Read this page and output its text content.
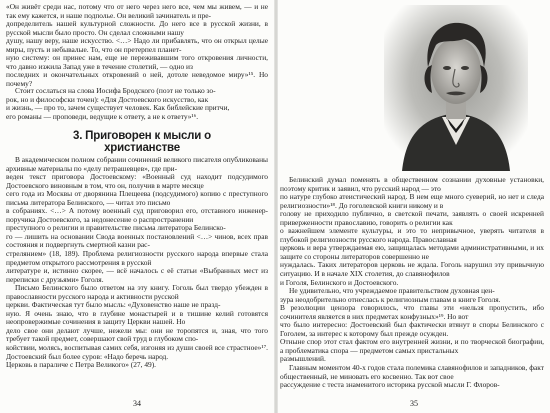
«Он живёт среди нас, потому что от него через него все, чем мы живем, — и не так ему кажется, и наше подполье. Он великий зачинатель и пре-

допределитель нашей культурной сложности. До него все в русской жизни, в русской мысли было просто. Он сделал сложными нашу

душу, нашу веру, наше искусство. <…> Надо ли прибавлять, что он открыл целые миры, пусть и небывалые. То, что он претерпел планет-

ную систему: он принес нам, еще не переживавшим того откровения личности, что давно изжила Запад уже в течение столетий, — одно из

последних и окончательных откровений о ней, дотоле неведомое миру»¹⁵. Но почему?

Стоит сослаться на слова Иосифа Бродского (поэт не только зо-

рок, но и философски точен): «Для Достоевского искусство, как

и жизнь, — про то, зачем существует человек. Как библейские притчи,

его романы — проповеди, ведущие к ответу, а не к ответу»¹⁶.

3. Приговорен к мысли о христианстве

В академическом полном собрании сочинений великого писателя опубликованы архивные материалы по «делу петрашевцев», где при-

веден текст приговора Достоевскому: «Военный суд находит подсудимого Достоевского виновным в том, что он, получив в марте месяце

сего года из Москвы от дворянина Плещеева (подсудимого) копию с преступного письма литератора Белинского, — читал это письмо

в собраниях. <…> А потому военный суд приговорил его, отставного инженер-поручика Достоевского, за недонесение о распространении

преступного о религии и правительстве письма литератора Белинско-

го — лишить на основании Свода военных постановлений <…> чинов, всех прав состояния и подвергнуть смертной казни рас-

стрелянием» (18, 189). Проблема религиозности русского народа впервые стала предметом открытого рассмотрения в русской

литературе и, истинно скорее, — всё началось с её статьи «Выбранных мест из переписки с друзьями» Гоголя.

Письмо Белинского было ответом на эту книгу. Гоголь был твердо убежден в православности русского народа и активности русской

церкви. Фактическая тут было мысль: «Духовенство наше не празд-

ную. Я очень знаю, что в глубине монастырей и в тишине келий готовятся неопровержимые сочинения в защиту Церкви нашей. Но

дело свое они делают лучше, нежели мы: они не торопятся и, зная, что того требует такой предмет, совершают свой труд в глубоком спо-

койствии, молясь, воспитывая самих себя, изгоняя из души своей все страстное»¹⁷. Достоевский был более суров: «Надо беречь народ.

Церковь в параличе с Петра Великого» (27, 49).

34

Белинский думал поменять в общественном сознании духовные установки, поэтому критик и заявил, что русский народ — это

по натуре глубоко атеистический народ. В нем еще много суеверий, но нет и следа религиозности»¹⁸. До гоголевской книги никому и в

голову не приходило публично, в светской печати, заявлять о своей искренней приверженности православию, говорить о религии как

о важнейшем элементе культуры, и это то непривычное, уверять читателя в глубокой религиозности русского народа. Православная

церковь и вера утверждаемая ею, защищалась методами административными, и их защите со стороны литераторов совершенно не

нуждалась. Таких литераторов церковь не ждала. Гоголь нарушил эту привычную ситуацию. И в начале XIX столетия, до славянофилов

и Гоголя, Белинского и Достоевского.

Не удивительно, что учреждаемое правительством духовная цен-

зура неодобрительно отнеслась к религиозным главам в книге Гоголя.

В резолюции цензора говорилось, что главы эти «нельзя пропустить, ибо сочинителя является в них предметах конфузных»¹⁹. Но вот

что было интересно: Достоевский был фактически втянут в споры Белинского с Гоголем, за интерес к которому был прежде осужден.

Отныне спор этот стал фактом его внутренней жизни, и по творческой биографии, а проблематика спора — предметом самых пристальных

размышлений.

Главным моментом 40-х годов стала полемика славянофилов и западников, факт общественный, не миновать его косвенно. Так вот свое

рассуждение с теста знаменитого историка русской мысли Г. Флоров-

35
